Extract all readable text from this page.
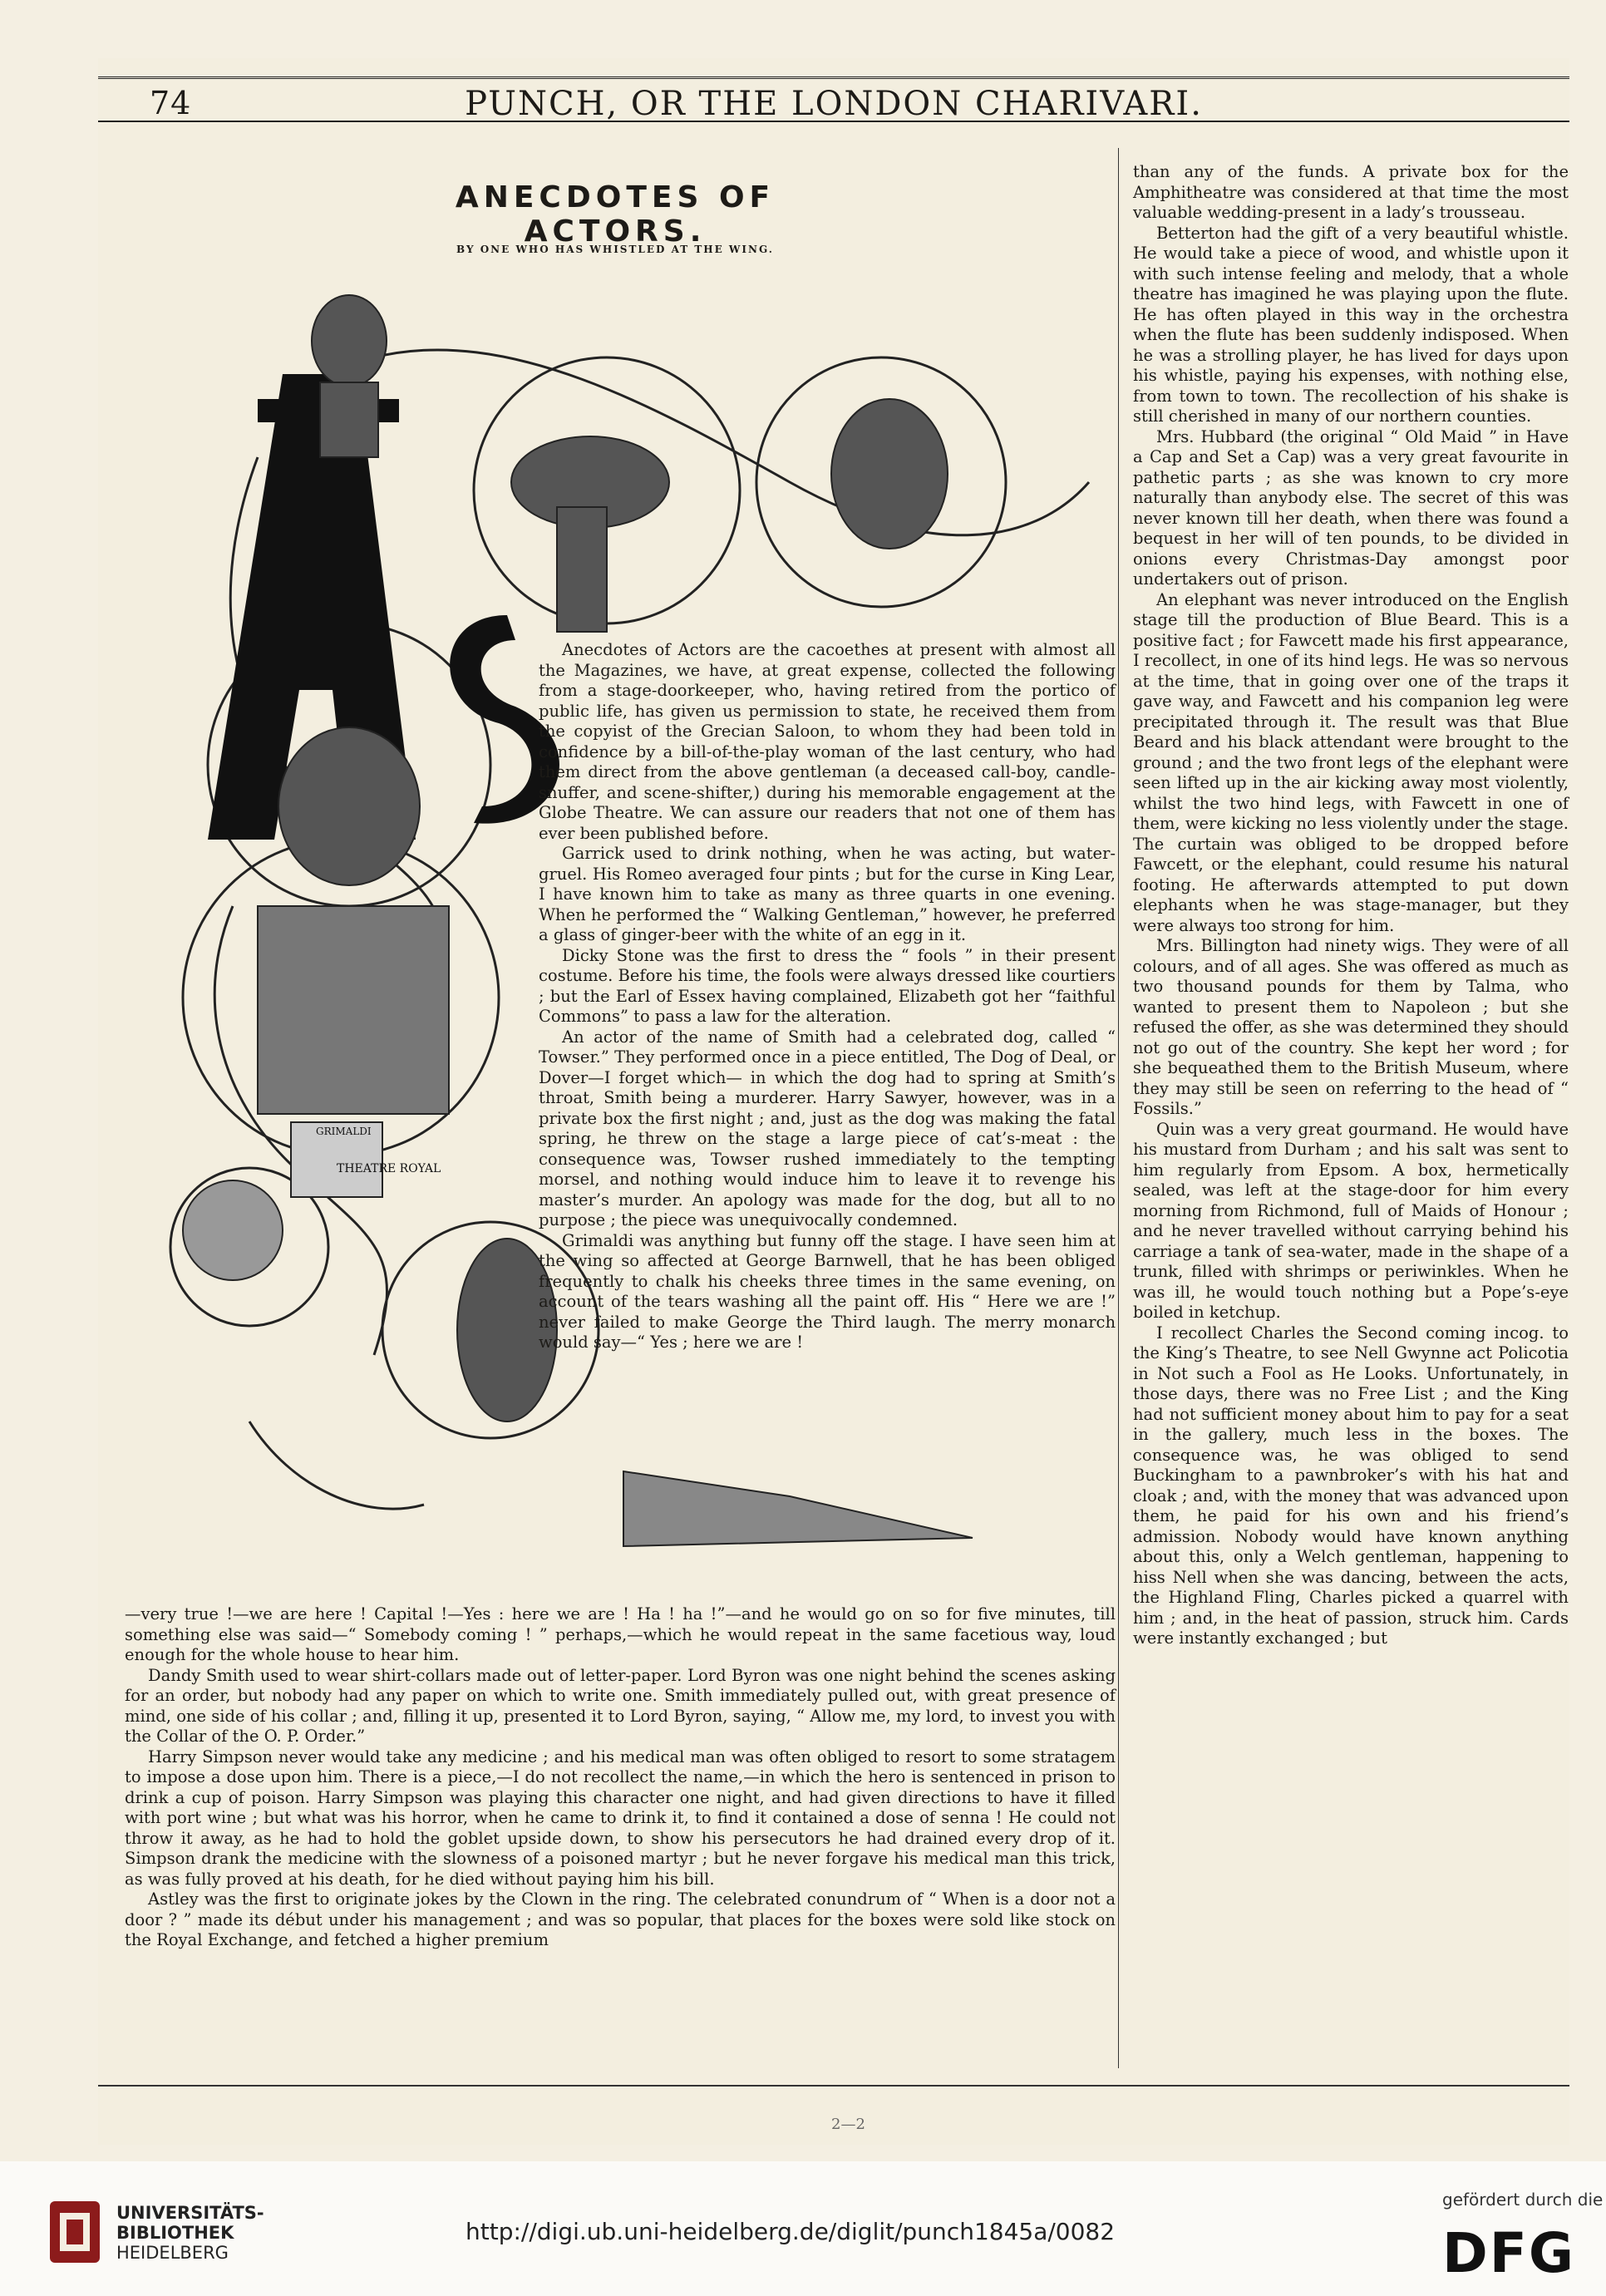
74	PUNCH, OR THE LONDON CHARIVARI.
ANECDOTES OF ACTORS.
BY ONE WHO HAS WHISTLED AT THE WING.
THEATRE ROYAL
GRIMALDI

Anecdotes of Actors are the cacoethes at present with almost all the Magazines, we have, at great expense, collected the following from a stage-doorkeeper, who, having retired from the portico of public life, has given us permission to state, he received them from the copyist of the Grecian Saloon, to whom they had been told in confidence by a bill-of-the-play woman of the last century, who had them direct from the above gentleman (a deceased call-boy, candle-snuffer, and scene-shifter,) during his memorable engagement at the Globe Theatre. We can assure our readers that not one of them has ever been published before.

Garrick used to drink nothing, when he was acting, but water-gruel. His Romeo averaged four pints ; but for the curse in King Lear, I have known him to take as many as three quarts in one evening. When he performed the “ Walking Gentleman,” however, he preferred a glass of ginger-beer with the white of an egg in it.

Dicky Stone was the first to dress the “ fools ” in their present costume. Before his time, the fools were always dressed like courtiers ; but the Earl of Essex having complained, Elizabeth got her “faithful Commons” to pass a law for the alteration.

An actor of the name of Smith had a celebrated dog, called “ Towser.” They performed once in a piece entitled, The Dog of Deal, or Dover—I forget which— in which the dog had to spring at Smith’s throat, Smith being a murderer. Harry Sawyer, however, was in a private box the first night ; and, just as the dog was making the fatal spring, he threw on the stage a large piece of cat’s-meat : the consequence was, Towser rushed immediately to the tempting morsel, and nothing would induce him to leave it to revenge his master’s murder. An apology was made for the dog, but all to no purpose ; the piece was unequivocally condemned.

Grimaldi was anything but funny off the stage. I have seen him at the wing so affected at George Barnwell, that he has been obliged frequently to chalk his cheeks three times in the same evening, on account of the tears washing all the paint off. His “ Here we are !” never failed to make George the Third laugh. The merry monarch would say—“ Yes ; here we are !

—very true !—we are here ! Capital !—Yes : here we are ! Ha ! ha !”—and he would go on so for five minutes, till something else was said—“ Somebody coming ! ” perhaps,—which he would repeat in the same facetious way, loud enough for the whole house to hear him.

Dandy Smith used to wear shirt-collars made out of letter-paper. Lord Byron was one night behind the scenes asking for an order, but nobody had any paper on which to write one. Smith immediately pulled out, with great presence of mind, one side of his collar ; and, filling it up, presented it to Lord Byron, saying, “ Allow me, my lord, to invest you with the Collar of the O. P. Order.”

Harry Simpson never would take any medicine ; and his medical man was often obliged to resort to some stratagem to impose a dose upon him. There is a piece,—I do not recollect the name,—in which the hero is sentenced in prison to drink a cup of poison. Harry Simpson was playing this character one night, and had given directions to have it filled with port wine ; but what was his horror, when he came to drink it, to find it contained a dose of senna ! He could not throw it away, as he had to hold the goblet upside down, to show his persecutors he had drained every drop of it. Simpson drank the medicine with the slowness of a poisoned martyr ; but he never forgave his medical man this trick, as was fully proved at his death, for he died without paying him his bill.

Astley was the first to originate jokes by the Clown in the ring. The celebrated conundrum of “ When is a door not a door ? ” made its début under his management ; and was so popular, that places for the boxes were sold like stock on the Royal Exchange, and fetched a higher premium

than any of the funds. A private box for the Amphitheatre was considered at that time the most valuable wedding-present in a lady’s trousseau.

Betterton had the gift of a very beautiful whistle. He would take a piece of wood, and whistle upon it with such intense feeling and melody, that a whole theatre has imagined he was playing upon the flute. He has often played in this way in the orchestra when the flute has been suddenly indisposed. When he was a strolling player, he has lived for days upon his whistle, paying his expenses, with nothing else, from town to town. The recollection of his shake is still cherished in many of our northern counties.

Mrs. Hubbard (the original “ Old Maid ” in Have a Cap and Set a Cap) was a very great favourite in pathetic parts ; as she was known to cry more naturally than anybody else. The secret of this was never known till her death, when there was found a bequest in her will of ten pounds, to be divided in onions every Christmas-Day amongst poor undertakers out of prison.

An elephant was never introduced on the English stage till the production of Blue Beard. This is a positive fact ; for Fawcett made his first appearance, I recollect, in one of its hind legs. He was so nervous at the time, that in going over one of the traps it gave way, and Fawcett and his companion leg were precipitated through it. The result was that Blue Beard and his black attendant were brought to the ground ; and the two front legs of the elephant were seen lifted up in the air kicking away most violently, whilst the two hind legs, with Fawcett in one of them, were kicking no less violently under the stage. The curtain was obliged to be dropped before Fawcett, or the elephant, could resume his natural footing. He afterwards attempted to put down elephants when he was stage-manager, but they were always too strong for him.

Mrs. Billington had ninety wigs. They were of all colours, and of all ages. She was offered as much as two thousand pounds for them by Talma, who wanted to present them to Napoleon ; but she refused the offer, as she was determined they should not go out of the country. She kept her word ; for she bequeathed them to the British Museum, where they may still be seen on referring to the head of “ Fossils.”

Quin was a very great gourmand. He would have his mustard from Durham ; and his salt was sent to him regularly from Epsom. A box, hermetically sealed, was left at the stage-door for him every morning from Richmond, full of Maids of Honour ; and he never travelled without carrying behind his carriage a tank of sea-water, made in the shape of a trunk, filled with shrimps or periwinkles. When he was ill, he would touch nothing but a Pope’s-eye boiled in ketchup.

I recollect Charles the Second coming incog. to the King’s Theatre, to see Nell Gwynne act Policotia in Not such a Fool as He Looks. Unfortunately, in those days, there was no Free List ; and the King had not sufficient money about him to pay for a seat in the gallery, much less in the boxes. The consequence was, he was obliged to send Buckingham to a pawnbroker’s with his hat and cloak ; and, with the money that was advanced upon them, he paid for his own and his friend’s admission. Nobody would have known anything about this, only a Welch gentleman, happening to hiss Nell when she was dancing, between the acts, the Highland Fling, Charles picked a quarrel with him ; and, in the heat of passion, struck him. Cards were instantly exchanged ; but

2—2
UNIVERSITÄTS-
BIBLIOTHEK
HEIDELBERG
http://digi.ub.uni-heidelberg.de/diglit/punch1845a/0082
gefördert durch die
DFG
